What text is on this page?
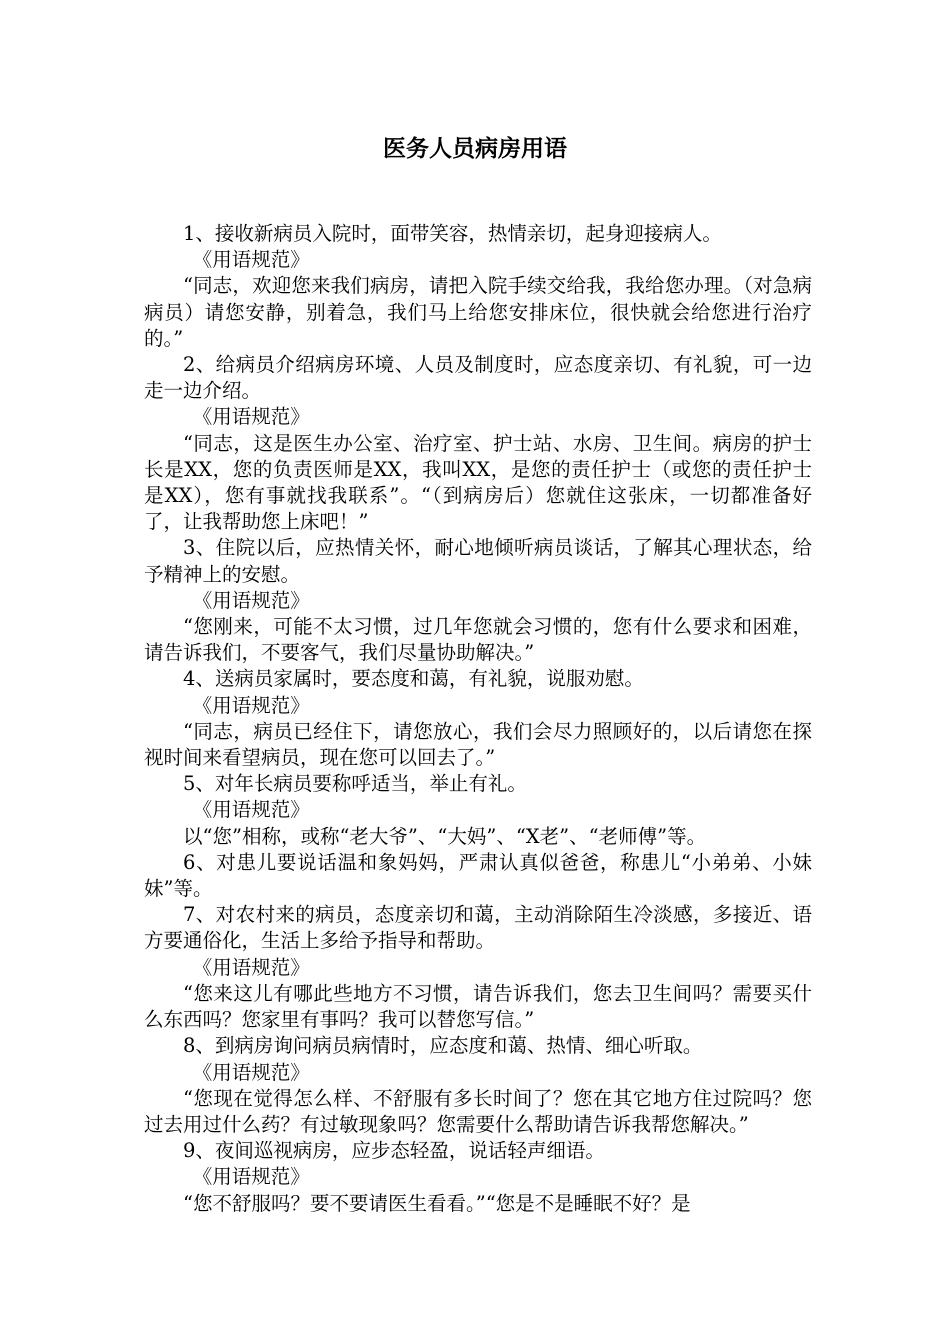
医务人员病房用语

1、接收新病员入院时，面带笑容，热情亲切，起身迎接病人。

《用语规范》

“同志，欢迎您来我们病房，请把入院手续交给我，我给您办理。（对急病病员）请您安静，别着急，我们马上给您安排床位，很快就会给您进行治疗的。”

2、给病员介绍病房环境、人员及制度时，应态度亲切、有礼貌，可一边走一边介绍。

《用语规范》

“同志，这是医生办公室、治疗室、护士站、水房、卫生间。病房的护士长是XX，您的负责医师是XX，我叫XX，是您的责任护士（或您的责任护士是XX），您有事就找我联系”。“（到病房后）您就住这张床，一切都准备好了，让我帮助您上床吧！”

3、住院以后，应热情关怀，耐心地倾听病员谈话，了解其心理状态，给予精神上的安慰。

《用语规范》

“您刚来，可能不太习惯，过几年您就会习惯的，您有什么要求和困难，请告诉我们，不要客气，我们尽量协助解决。”

4、送病员家属时，要态度和蔼，有礼貌，说服劝慰。

《用语规范》

“同志，病员已经住下，请您放心，我们会尽力照顾好的，以后请您在探视时间来看望病员，现在您可以回去了。”

5、对年长病员要称呼适当，举止有礼。

《用语规范》

以“您”相称，或称“老大爷”、“大妈”、“X老”、“老师傅”等。

6、对患儿要说话温和象妈妈，严肃认真似爸爸，称患儿“小弟弟、小妹妹”等。

7、对农村来的病员，态度亲切和蔼，主动消除陌生冷淡感，多接近、语方要通俗化，生活上多给予指导和帮助。

《用语规范》

“您来这儿有哪此些地方不习惯，请告诉我们，您去卫生间吗？需要买什么东西吗？您家里有事吗？我可以替您写信。”

8、到病房询问病员病情时，应态度和蔼、热情、细心听取。

《用语规范》

“您现在觉得怎么样、不舒服有多长时间了？您在其它地方住过院吗？您过去用过什么药？有过敏现象吗？您需要什么帮助请告诉我帮您解决。”

9、夜间巡视病房，应步态轻盈，说话轻声细语。

《用语规范》

“您不舒服吗？要不要请医生看看。”“您是不是睡眠不好？是
